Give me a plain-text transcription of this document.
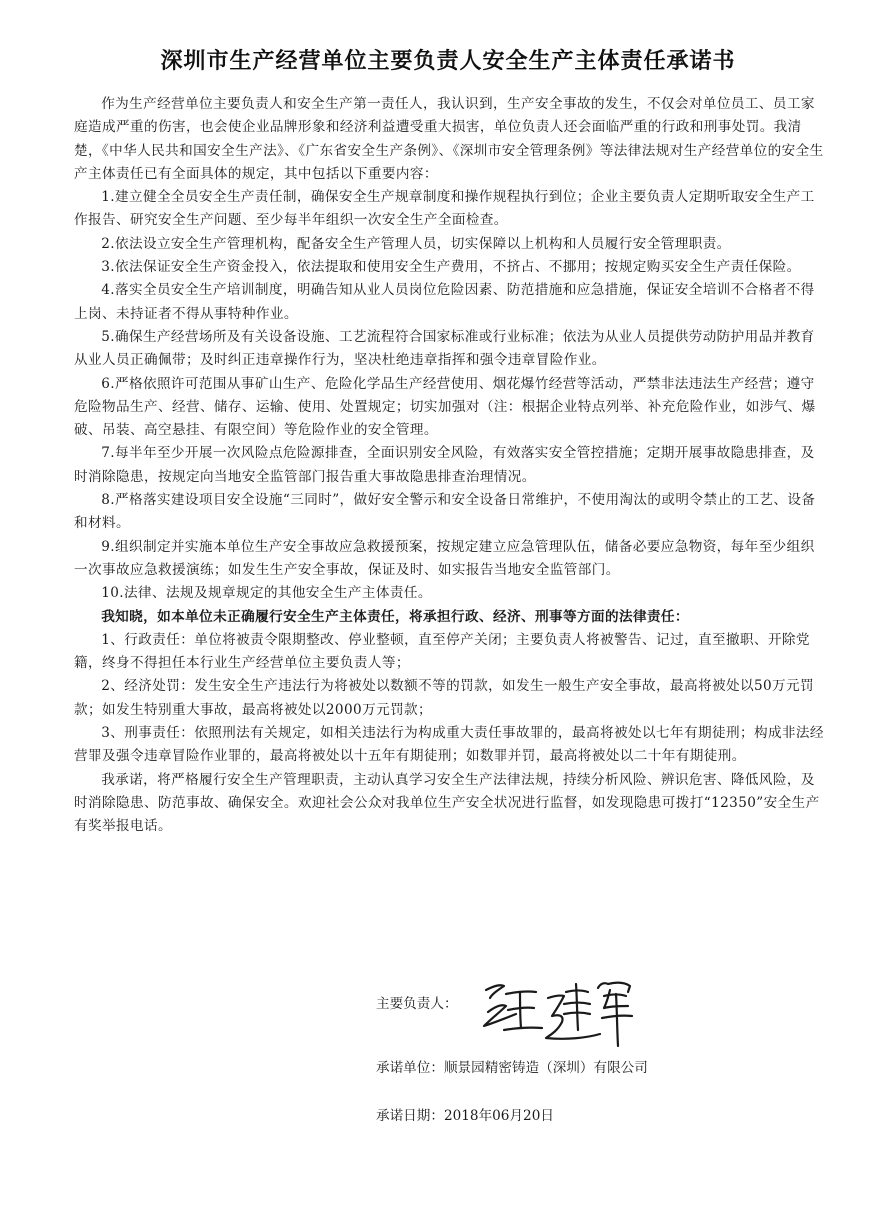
深圳市生产经营单位主要负责人安全生产主体责任承诺书

作为生产经营单位主要负责人和安全生产第一责任人，我认识到，生产安全事故的发生，不仅会对单位员工、员工家庭造成严重的伤害，也会使企业品牌形象和经济利益遭受重大损害，单位负责人还会面临严重的行政和刑事处罚。我清楚，《中华人民共和国安全生产法》、《广东省安全生产条例》、《深圳市安全管理条例》等法律法规对生产经营单位的安全生产主体责任已有全面具体的规定，其中包括以下重要内容：

1.建立健全全员安全生产责任制，确保安全生产规章制度和操作规程执行到位；企业主要负责人定期听取安全生产工作报告、研究安全生产问题、至少每半年组织一次安全生产全面检查。

2.依法设立安全生产管理机构，配备安全生产管理人员，切实保障以上机构和人员履行安全管理职责。

3.依法保证安全生产资金投入，依法提取和使用安全生产费用，不挤占、不挪用；按规定购买安全生产责任保险。

4.落实全员安全生产培训制度，明确告知从业人员岗位危险因素、防范措施和应急措施，保证安全培训不合格者不得上岗、未持证者不得从事特种作业。

5.确保生产经营场所及有关设备设施、工艺流程符合国家标准或行业标准；依法为从业人员提供劳动防护用品并教育从业人员正确佩带；及时纠正违章操作行为，坚决杜绝违章指挥和强令违章冒险作业。

6.严格依照许可范围从事矿山生产、危险化学品生产经营使用、烟花爆竹经营等活动，严禁非法违法生产经营；遵守危险物品生产、经营、储存、运输、使用、处置规定；切实加强对（注：根据企业特点列举、补充危险作业，如涉气、爆破、吊装、高空悬挂、有限空间）等危险作业的安全管理。

7.每半年至少开展一次风险点危险源排查，全面识别安全风险，有效落实安全管控措施；定期开展事故隐患排查，及时消除隐患，按规定向当地安全监管部门报告重大事故隐患排查治理情况。

8.严格落实建设项目安全设施“三同时”，做好安全警示和安全设备日常维护，不使用淘汰的或明令禁止的工艺、设备和材料。

9.组织制定并实施本单位生产安全事故应急救援预案，按规定建立应急管理队伍，储备必要应急物资，每年至少组织一次事故应急救援演练；如发生生产安全事故，保证及时、如实报告当地安全监管部门。

10.法律、法规及规章规定的其他安全生产主体责任。

我知晓，如本单位未正确履行安全生产主体责任，将承担行政、经济、刑事等方面的法律责任：

1、行政责任：单位将被责令限期整改、停业整顿，直至停产关闭；主要负责人将被警告、记过，直至撤职、开除党籍，终身不得担任本行业生产经营单位主要负责人等；

2、经济处罚：发生安全生产违法行为将被处以数额不等的罚款，如发生一般生产安全事故，最高将被处以50万元罚款；如发生特别重大事故，最高将被处以2000万元罚款；

3、刑事责任：依照刑法有关规定，如相关违法行为构成重大责任事故罪的，最高将被处以七年有期徒刑；构成非法经营罪及强令违章冒险作业罪的，最高将被处以十五年有期徒刑；如数罪并罚，最高将被处以二十年有期徒刑。

我承诺，将严格履行安全生产管理职责，主动认真学习安全生产法律法规，持续分析风险、辨识危害、降低风险，及时消除隐患、防范事故、确保安全。欢迎社会公众对我单位生产安全状况进行监督，如发现隐患可拨打“12350”安全生产有奖举报电话。

主要负责人：
承诺单位：顺景园精密铸造（深圳）有限公司
承诺日期：2018年06月20日
